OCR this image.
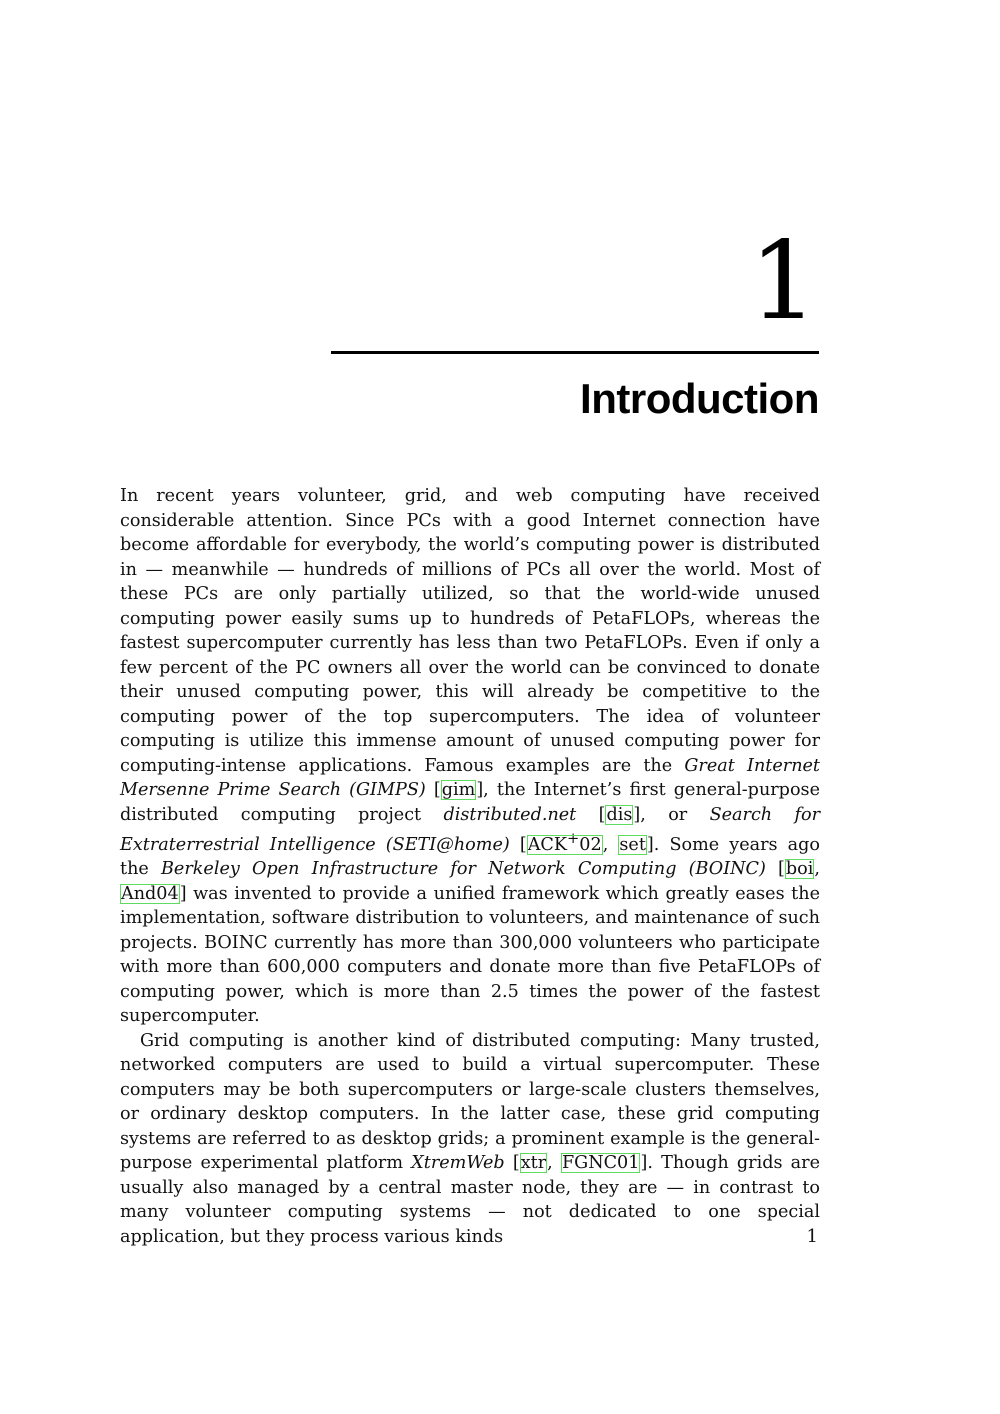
1
Introduction

In recent years volunteer, grid, and web computing have received considerable attention. Since PCs with a good Internet connection have become affordable for everybody, the world’s computing power is distributed in — meanwhile — hundreds of millions of PCs all over the world. Most of these PCs are only partially utilized, so that the world-wide unused computing power easily sums up to hundreds of PetaFLOPs, whereas the fastest supercomputer currently has less than two PetaFLOPs. Even if only a few percent of the PC owners all over the world can be convinced to donate their unused computing power, this will already be competitive to the computing power of the top supercomputers. The idea of volunteer computing is utilize this immense amount of unused computing power for computing-intense applications. Famous examples are the Great Internet Mersenne Prime Search (GIMPS) [gim], the Internet’s first general-purpose distributed computing project distributed.net [dis], or Search for Extraterrestrial Intelligence (SETI@home) [ACK+02, set]. Some years ago the Berkeley Open Infrastructure for Network Computing (BOINC) [boi, And04] was invented to provide a unified framework which greatly eases the implementation, software distribution to volunteers, and maintenance of such projects. BOINC currently has more than 300,000 volunteers who participate with more than 600,000 computers and donate more than five PetaFLOPs of computing power, which is more than 2.5 times the power of the fastest supercomputer.

Grid computing is another kind of distributed computing: Many trusted, networked computers are used to build a virtual supercomputer. These computers may be both supercomputers or large-scale clusters themselves, or ordinary desktop computers. In the latter case, these grid computing systems are referred to as desktop grids; a prominent example is the general-purpose experimental platform XtremWeb [xtr, FGNC01]. Though grids are usually also managed by a central master node, they are — in contrast to many volunteer computing systems — not dedicated to one special application, but they process various kinds	1
